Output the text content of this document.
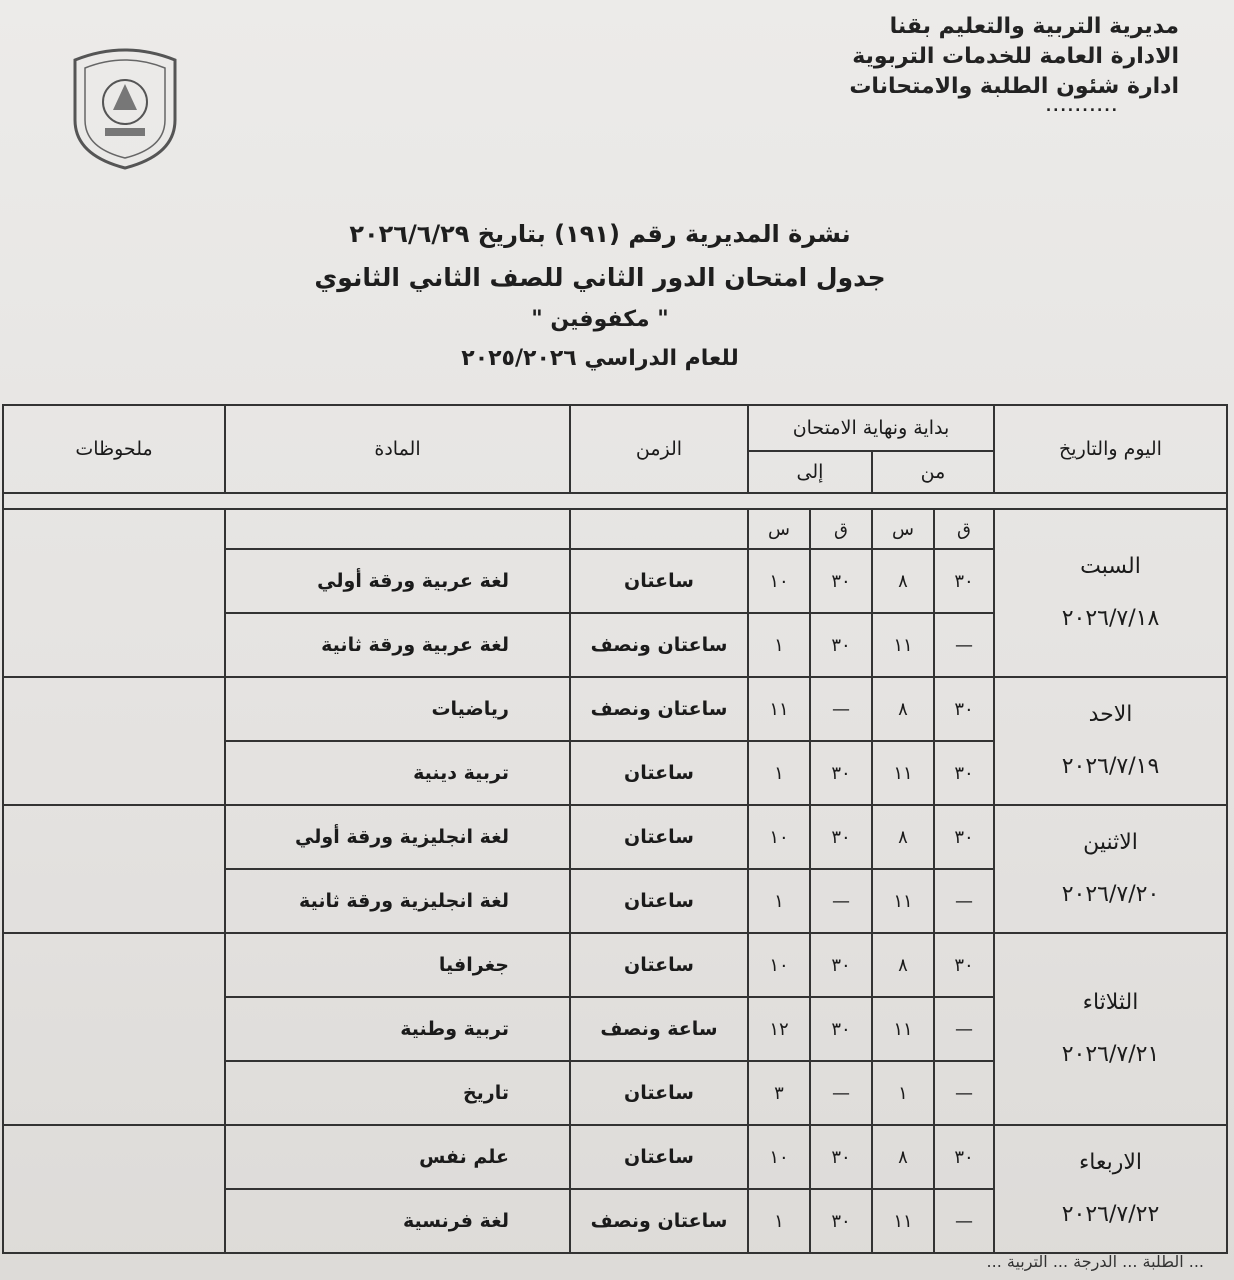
مديرية التربية والتعليم بقنا
الادارة العامة للخدمات التربوية
ادارة شئون الطلبة والامتحانات
..........
نشرة المديرية رقم (١٩١) بتاريخ ٢٠٢٦/٦/٢٩
جدول امتحان الدور الثاني للصف الثاني الثانوي
" مكفوفين "
للعام الدراسي ٢٠٢٥/٢٠٢٦
اليوم والتاريخ	بداية ونهاية الامتحان				الزمن	المادة	ملحوظات
	من		إلى				

السبت
٢٠٢٦/٧/١٨	ق	س	ق	س			
	٣٠	٨	٣٠	١٠	ساعتان	لغة عربية ورقة أولي	
	—	١١	٣٠	١	ساعتان ونصف	لغة عربية ورقة ثانية	
الاحد
٢٠٢٦/٧/١٩	٣٠	٨	—	١١	ساعتان ونصف	رياضيات	
	٣٠	١١	٣٠	١	ساعتان	تربية دينية	
الاثنين
٢٠٢٦/٧/٢٠	٣٠	٨	٣٠	١٠	ساعتان	لغة انجليزية ورقة أولي	
	—	١١	—	١	ساعتان	لغة انجليزية ورقة ثانية	
الثلاثاء
٢٠٢٦/٧/٢١	٣٠	٨	٣٠	١٠	ساعتان	جغرافيا	
	—	١١	٣٠	١٢	ساعة ونصف	تربية وطنية	
	—	١	—	٣	ساعتان	تاريخ	
الاربعاء
٢٠٢٦/٧/٢٢	٣٠	٨	٣٠	١٠	ساعتان	علم نفس	
	—	١١	٣٠	١	ساعتان ونصف	لغة فرنسية	
... الطلبة ... الدرجة ... التربية ...
